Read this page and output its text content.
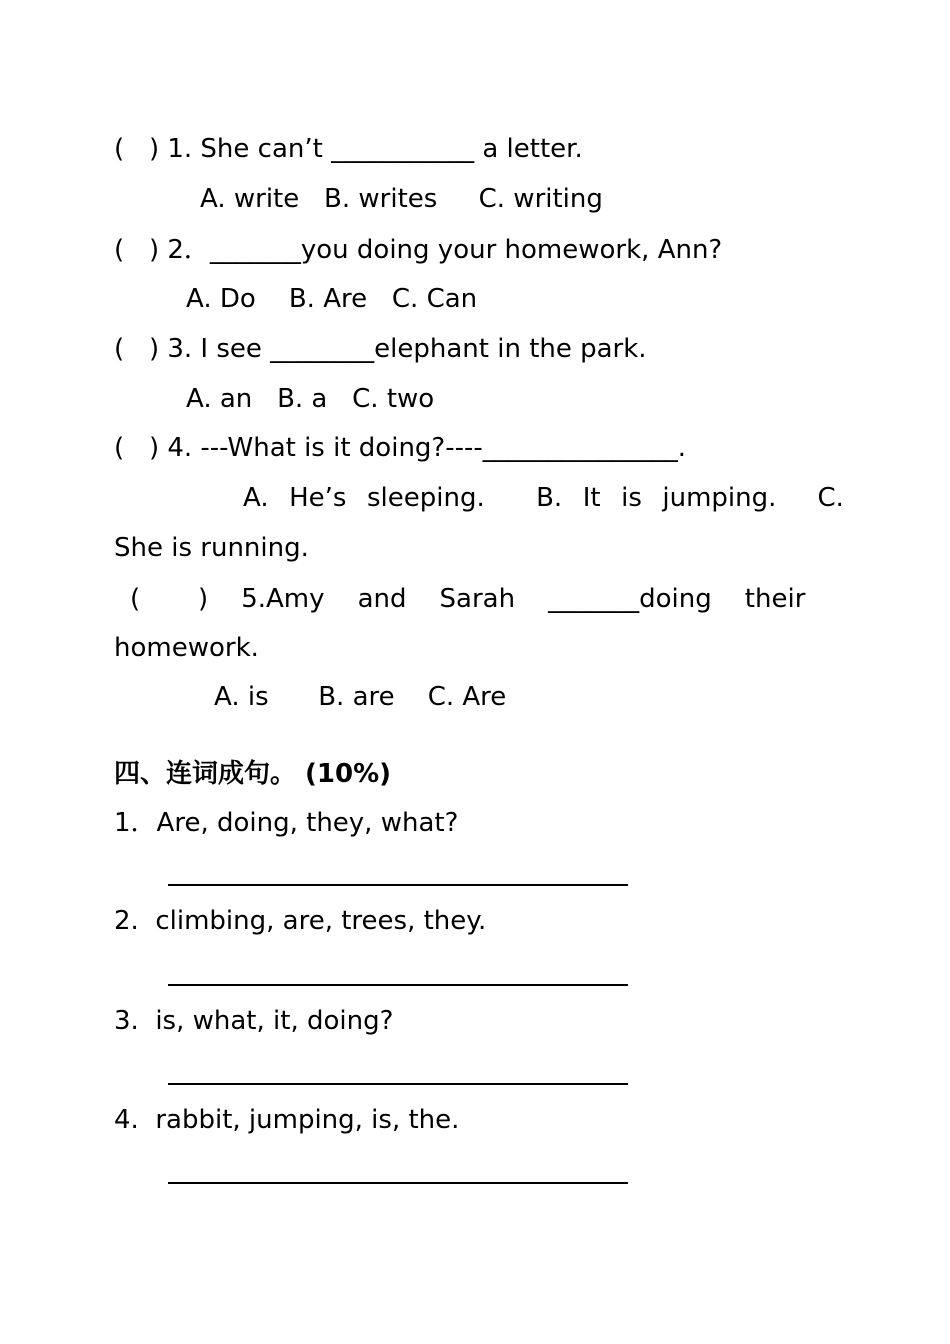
(   ) 1. She can’t ___________ a letter.
A. write   B. writes     C. writing
(   ) 2．_______you doing your homework, Ann?
A. Do    B. Are   C. Can
(   ) 3. I see ________elephant in the park.
A. an   B. a   C. two
(   ) 4. ---What is it doing?----_______________.
A.  He’s  sleeping.     B.  It  is  jumping.    C.
She is running.
(       )    5.Amy    and    Sarah    _______doing    their
homework.
A. is      B. are    C. Are
四、连词成句。 (10%)
1．Are, doing, they, what?
2.  climbing, are, trees, they.
3.  is, what, it, doing?
4.  rabbit, jumping, is, the.
